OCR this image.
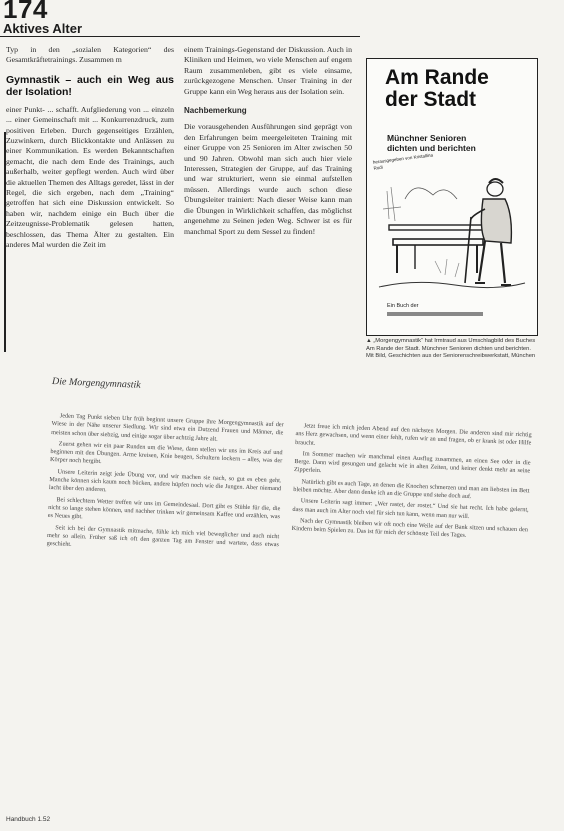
174
Aktives Alter

Typ in den „sozialen Kategorien“ des Gesamtkräftetrainings. Zusammen m

Gymnastik – auch ein Weg aus der Isolation!

einer Punkt- ... schafft. Aufgliederung von ... einzeln ... einer Gemeinschaft mit ... Konkurrenzdruck, zum positiven Erleben. Durch gegenseitiges Erzählen, Zuzwinkern, durch Blickkontakte und Anlässen zu einer Kommunikation. Es werden Bekanntschaften gemacht, die nach dem Ende des Trainings, auch außerhalb, weiter gepflegt werden. Auch wird über die aktuellen Themen des Alltags geredet, lässt in der Regel, die sich ergeben, nach dem „Training“ getroffen hat sich eine Diskussion entwickelt. So haben wir, nachdem einige ein Buch über die Zeitzeugnisse-Problematik gelesen hatten, beschlossen, das Thema Älter zu gestalten. Ein anderes Mal wurden die Zeit im

einem Trainings-Gegenstand der Diskussion. Auch in Kliniken und Heimen, wo viele Menschen auf engem Raum zusammenleben, gibt es viele einsame, zurückgezogene Menschen. Unser Training in der Gruppe kann ein Weg heraus aus der Isolation sein.

Nachbemerkung

Die vorausgehenden Ausführungen sind geprägt von den Erfahrungen beim meergeleiteten Training mit einer Gruppe von 25 Senioren im Alter zwischen 50 und 90 Jahren. Obwohl man sich auch hier viele Interessen, Strategien der Gruppe, auf das Training und war strukturiert, wenn sie einmal aufstellen müssen. Allerdings wurde auch schon diese Übungsleiter trainiert: Nach dieser Weise kann man die Übungen in Wirklichkeit schaffen, das möglichst angenehme zu Seinen jeden Weg. Schwer ist es für manchmal Sport zu dem Sessel zu finden!

Am Rande
der Stadt
Münchner Senioren
dichten und berichten
herausgegeben von Kristallina Rudi
Ein Buch der
▲ „Morgengymnastik“ hat Irmtraud aus Umschlagbild des Buches Am Rande der Stadt. Münchner Senioren dichten und berichten. Mit Bild, Geschichten aus der Seniorenschreibwerkstatt, München
Die Morgengymnastik

Jeden Tag Punkt sieben Uhr früh beginnt unsere Gruppe ihre Morgengymnastik auf der Wiese in der Nähe unserer Siedlung. Wir sind etwa ein Dutzend Frauen und Männer, die meisten schon über siebzig, und einige sogar über achtzig Jahre alt.

Zuerst gehen wir ein paar Runden um die Wiese, dann stellen wir uns im Kreis auf und beginnen mit den Übungen. Arme kreisen, Knie beugen, Schultern lockern – alles, was der Körper noch hergibt.

Unsere Leiterin zeigt jede Übung vor, und wir machen sie nach, so gut es eben geht. Manche können sich kaum noch bücken, andere hüpfen noch wie die Jungen. Aber niemand lacht über den anderen.

Bei schlechtem Wetter treffen wir uns im Gemeindesaal. Dort gibt es Stühle für die, die nicht so lange stehen können, und nachher trinken wir gemeinsam Kaffee und erzählen, was es Neues gibt.

Seit ich bei der Gymnastik mitmache, fühle ich mich viel beweglicher und auch nicht mehr so allein. Früher saß ich oft den ganzen Tag am Fenster und wartete, dass etwas geschieht.

Jetzt freue ich mich jeden Abend auf den nächsten Morgen. Die anderen sind mir richtig ans Herz gewachsen, und wenn einer fehlt, rufen wir an und fragen, ob er krank ist oder Hilfe braucht.

Im Sommer machen wir manchmal einen Ausflug zusammen, an einen See oder in die Berge. Dann wird gesungen und gelacht wie in alten Zeiten, und keiner denkt mehr an seine Zipperlein.

Natürlich gibt es auch Tage, an denen die Knochen schmerzen und man am liebsten im Bett bleiben möchte. Aber dann denke ich an die Gruppe und stehe doch auf.

Unsere Leiterin sagt immer: „Wer rastet, der rostet.“ Und sie hat recht. Ich habe gelernt, dass man auch im Alter noch viel für sich tun kann, wenn man nur will.

Nach der Gymnastik bleiben wir oft noch eine Weile auf der Bank sitzen und schauen den Kindern beim Spielen zu. Das ist für mich der schönste Teil des Tages.

Handbuch 1.52
